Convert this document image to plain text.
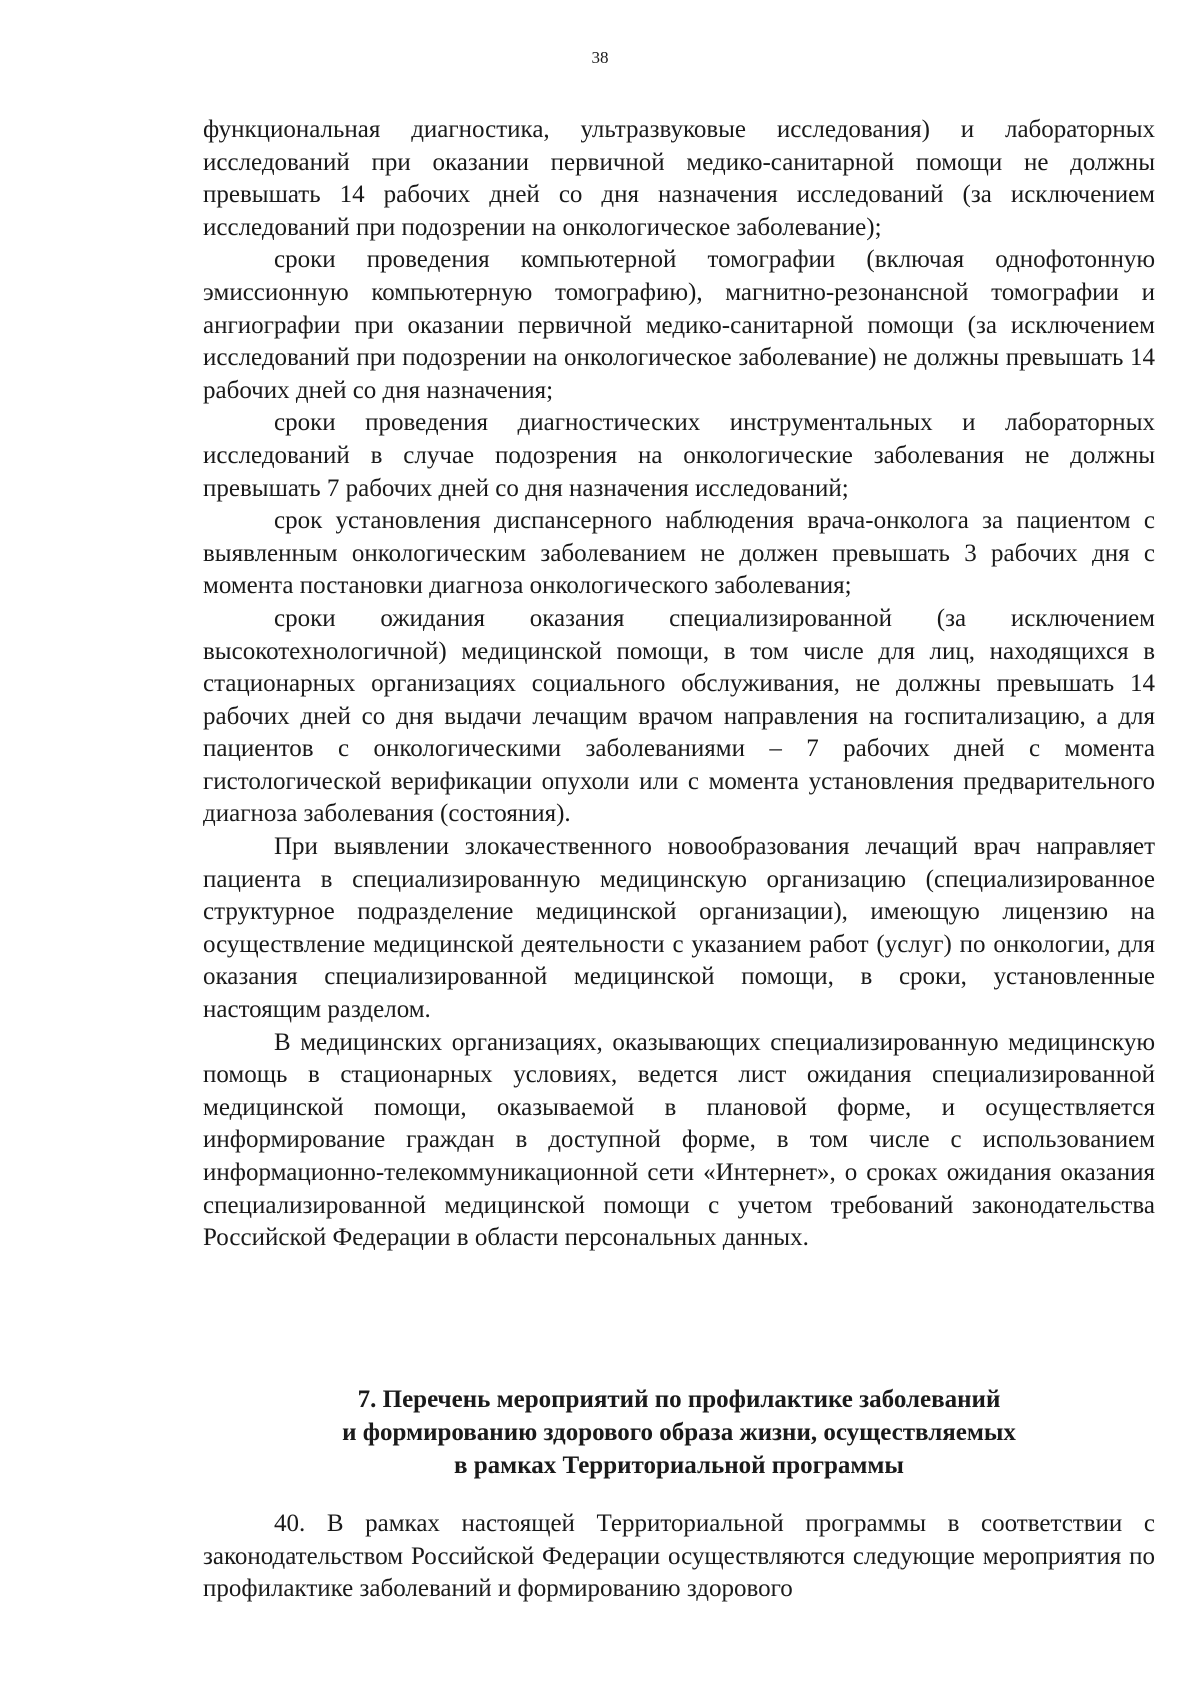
38

функциональная диагностика, ультразвуковые исследования) и лабораторных исследований при оказании первичной медико-санитарной помощи не должны превышать 14 рабочих дней со дня назначения исследований (за исключением исследований при подозрении на онкологическое заболевание);

сроки проведения компьютерной томографии (включая однофотонную эмиссионную компьютерную томографию), магнитно-резонансной томографии и ангиографии при оказании первичной медико-санитарной помощи (за исключением исследований при подозрении на онкологическое заболевание) не должны превышать 14 рабочих дней со дня назначения;

сроки проведения диагностических инструментальных и лабораторных исследований в случае подозрения на онкологические заболевания не должны превышать 7 рабочих дней со дня назначения исследований;

срок установления диспансерного наблюдения врача-онколога за пациентом с выявленным онкологическим заболеванием не должен превышать 3 рабочих дня с момента постановки диагноза онкологического заболевания;

сроки ожидания оказания специализированной (за исключением высокотехнологичной) медицинской помощи, в том числе для лиц, находящихся в стационарных организациях социального обслуживания, не должны превышать 14 рабочих дней со дня выдачи лечащим врачом направления на госпитализацию, а для пациентов с онкологическими заболеваниями – 7 рабочих дней с момента гистологической верификации опухоли или с момента установления предварительного диагноза заболевания (состояния).

При выявлении злокачественного новообразования лечащий врач направляет пациента в специализированную медицинскую организацию (специализированное структурное подразделение медицинской организации), имеющую лицензию на осуществление медицинской деятельности с указанием работ (услуг) по онкологии, для оказания специализированной медицинской помощи, в сроки, установленные настоящим разделом.

В медицинских организациях, оказывающих специализированную медицинскую помощь в стационарных условиях, ведется лист ожидания специализированной медицинской помощи, оказываемой в плановой форме, и осуществляется информирование граждан в доступной форме, в том числе с использованием информационно-телекоммуникационной сети «Интернет», о сроках ожидания оказания специализированной медицинской помощи с учетом требований законодательства Российской Федерации в области персональных данных.

7. Перечень мероприятий по профилактике заболеваний
и формированию здорового образа жизни, осуществляемых
в рамках Территориальной программы

40. В рамках настоящей Территориальной программы в соответствии с законодательством Российской Федерации осуществляются следующие мероприятия по профилактике заболеваний и формированию здорового
